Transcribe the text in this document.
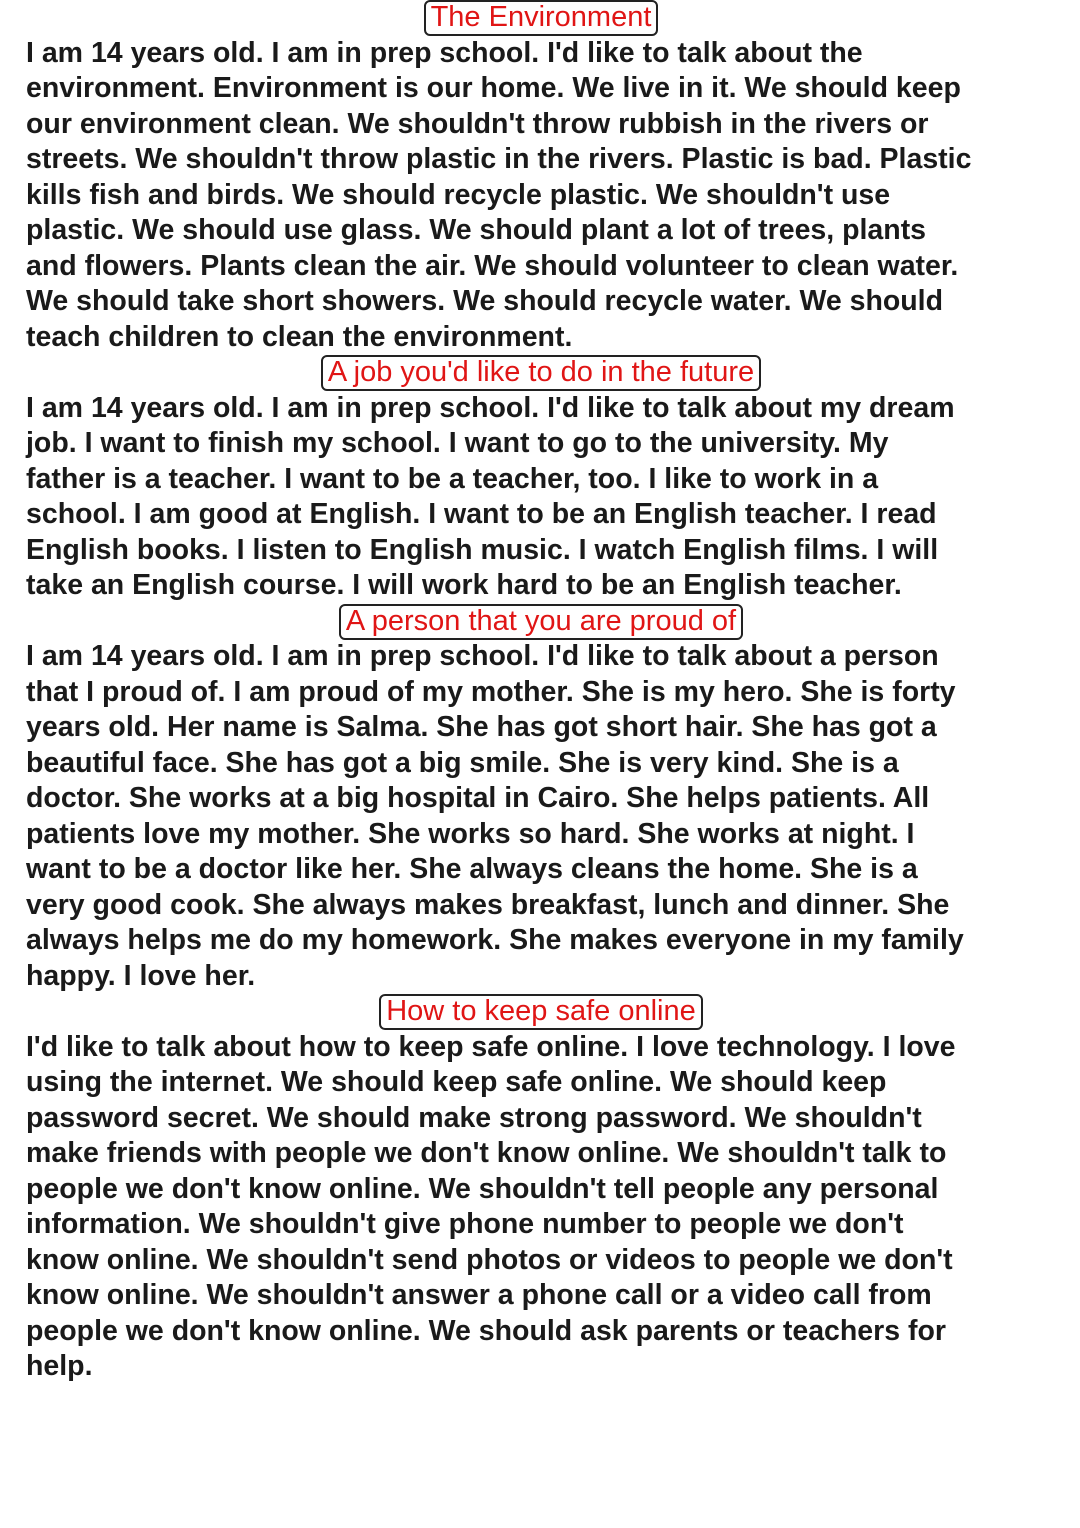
The Environment
I am 14 years old. I am in prep school. I'd like to talk about the
environment. Environment is our home. We live in it. We should keep
our environment clean. We shouldn't throw rubbish in the rivers or
streets. We shouldn't throw plastic in the rivers. Plastic is bad. Plastic
kills fish and birds. We should recycle plastic. We shouldn't use
plastic. We should use glass. We should plant a lot of trees, plants
and flowers. Plants clean the air. We should volunteer to clean water.
We should take short showers. We should recycle water. We should
teach children to clean the environment.
A job you'd like to do in the future
I am 14 years old. I am in prep school. I'd like to talk about my dream
job. I want to finish my school. I want to go to the university. My
father is a teacher. I want to be a teacher, too. I like to work in a
school. I am good at English. I want to be an English teacher. I read
English books. I listen to English music. I watch English films. I will
take an English course. I will work hard to be an English teacher.
A person that you are proud of
I am 14 years old. I am in prep school. I'd like to talk about a person
that I proud of. I am proud of my mother. She is my hero. She is forty
years old. Her name is Salma. She has got short hair. She has got a
beautiful face. She has got a big smile. She is very kind. She is a
doctor. She works at a big hospital in Cairo. She helps patients. All
patients love my mother. She works so hard. She works at night. I
want to be a doctor like her. She always cleans the home. She is a
very good cook. She always makes breakfast, lunch and dinner. She
always helps me do my homework. She makes everyone in my family
happy. I love her.
How to keep safe online
I'd like to talk about how to keep safe online. I love technology. I love
using the internet. We should keep safe online. We should keep
password secret. We should make strong password. We shouldn't
make friends with people we don't know online. We shouldn't talk to
people we don't know online. We shouldn't tell people any personal
information. We shouldn't give phone number to people we don't
know online. We shouldn't send photos or videos to people we don't
know online. We shouldn't answer a phone call or a video call from
people we don't know online. We should ask parents or teachers for
help.
